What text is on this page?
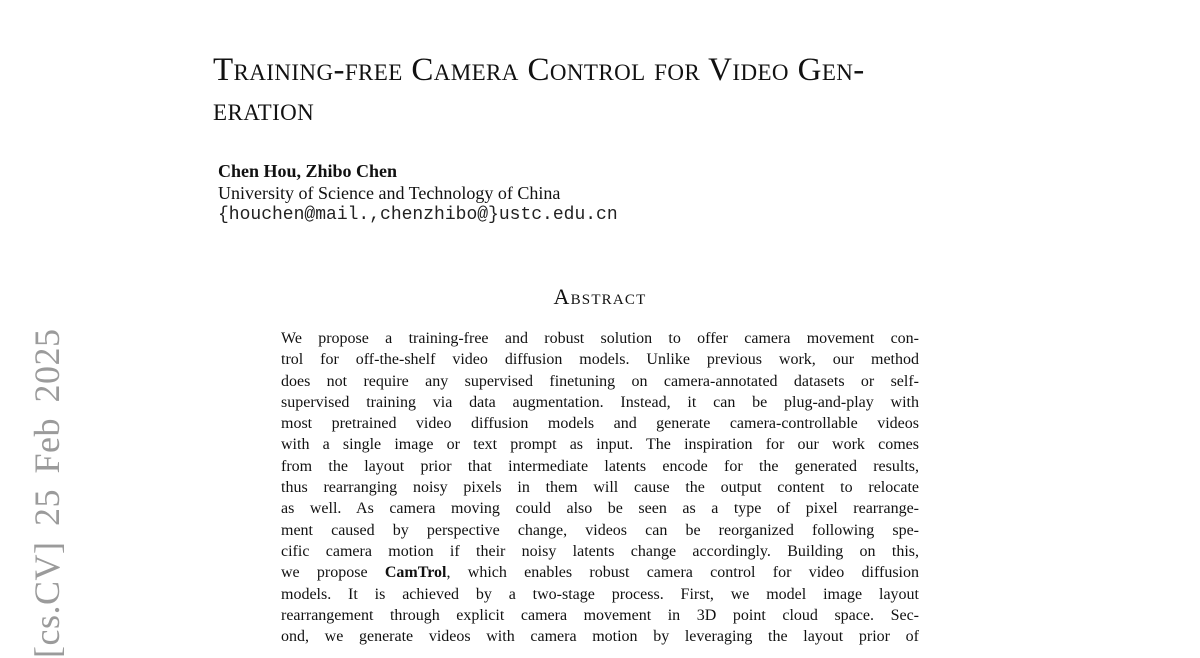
[cs.CV] 25 Feb 2025
Training-free Camera Control for Video Gen-
eration
Chen Hou, Zhibo Chen
University of Science and Technology of China
{houchen@mail.,chenzhibo@}ustc.edu.cn
Abstract
We propose a training-free and robust solution to offer camera movement con-
trol for off-the-shelf video diffusion models. Unlike previous work, our method
does not require any supervised finetuning on camera-annotated datasets or self-
supervised training via data augmentation. Instead, it can be plug-and-play with
most pretrained video diffusion models and generate camera-controllable videos
with a single image or text prompt as input. The inspiration for our work comes
from the layout prior that intermediate latents encode for the generated results,
thus rearranging noisy pixels in them will cause the output content to relocate
as well. As camera moving could also be seen as a type of pixel rearrange-
ment caused by perspective change, videos can be reorganized following spe-
cific camera motion if their noisy latents change accordingly. Building on this,
we propose CamTrol, which enables robust camera control for video diffusion
models. It is achieved by a two-stage process. First, we model image layout
rearrangement through explicit camera movement in 3D point cloud space. Sec-
ond, we generate videos with camera motion by leveraging the layout prior of
